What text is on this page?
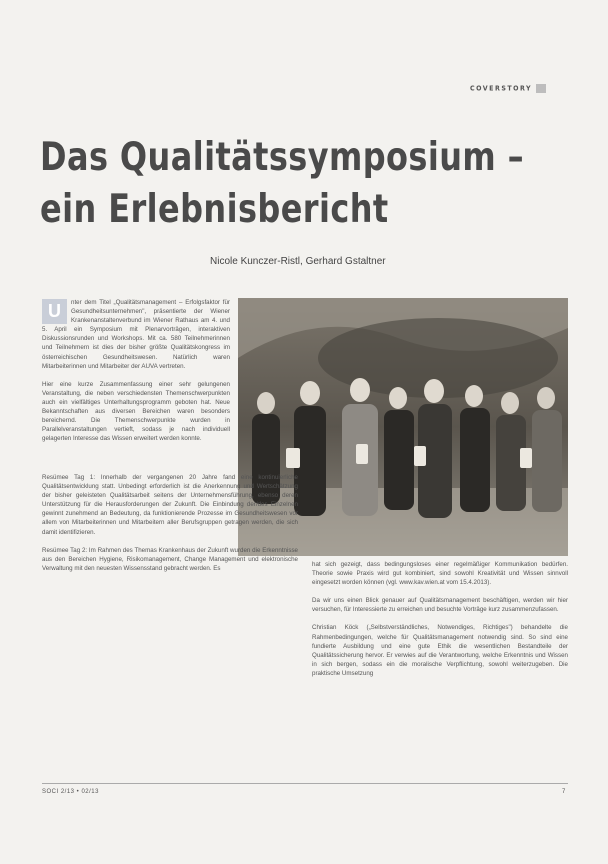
COVERSTORY
Das Qualitätssymposium –
ein Erlebnisbericht
Nicole Kunczer-Ristl, Gerhard Gstaltner

U	nter dem Titel „Qualitätsmanagement – Erfolgsfaktor für Gesundheitsunternehmen", präsentierte der Wiener Krankenanstaltenverbund im Wiener Rathaus am 4. und 5. April ein Symposium mit Plenarvorträgen, interaktiven Diskussionsrunden und Workshops. Mit ca. 580 Teilnehmerinnen und Teilnehmern ist dies der bisher größte Qualitätskongress im österreichischen Gesundheitswesen. Natürlich waren Mitarbeiterinnen und Mitarbeiter der AUVA vertreten.

Hier eine kurze Zusammenfassung einer sehr gelungenen Veranstaltung, die neben verschiedensten Themenschwerpunkten auch ein vielfältiges Unterhaltungsprogramm geboten hat. Neue Bekanntschaften aus diversen Bereichen waren besonders bereichernd. Die Themenschwerpunkte wurden in Parallelveranstaltungen vertieft, sodass je nach individuell gelagerten Interesse das Wissen erweitert werden konnte.

Resümee Tag 1: Innerhalb der vergangenen 20 Jahre fand eine kontinuierliche Qualitätsentwicklung statt. Unbedingt erforderlich ist die Anerkennung und Wertschätzung der bisher geleisteten Qualitätsarbeit seitens der Unternehmensführung, ebenso deren Unterstützung für die Herausforderungen der Zukunft. Die Einbindung der/des Einzelnen gewinnt zunehmend an Bedeutung, da funktionierende Prozesse im Gesundheitswesen vor allem von Mitarbeiterinnen und Mitarbeitern aller Berufsgruppen getragen werden, die sich damit identifizieren.

Resümee Tag 2: Im Rahmen des Themas Krankenhaus der Zukunft wurden die Erkenntnisse aus den Bereichen Hygiene, Risikomanagement, Change Management und elektronische Verwaltung mit den neuesten Wissensstand gebracht werden. Es

hat sich gezeigt, dass bedingungsloses einer regelmäßiger Kommunikation bedürfen. Theorie sowie Praxis wird gut kombiniert, sind sowohl Kreativität und Wissen sinnvoll eingesetzt worden können (vgl. www.kav.wien.at vom 15.4.2013).

Da wir uns einen Blick genauer auf Qualitätsmanagement beschäftigen, werden wir hier versuchen, für Interessierte zu erreichen und besuchte Vorträge kurz zusammenzufassen.

Christian Köck („Selbstverständliches, Notwendiges, Richtiges") behandelte die Rahmenbedingungen, welche für Qualitätsmanagement notwendig sind. So sind eine fundierte Ausbildung und eine gute Ethik die wesentlichen Bestandteile der Qualitätssicherung hervor. Er verwies auf die Verantwortung, welche Erkenntnis und Wissen in sich bergen, sodass ein die moralische Verpflichtung, sowohl weiterzugeben. Die praktische Umsetzung

SOCI 2/13 • 02/13	7
